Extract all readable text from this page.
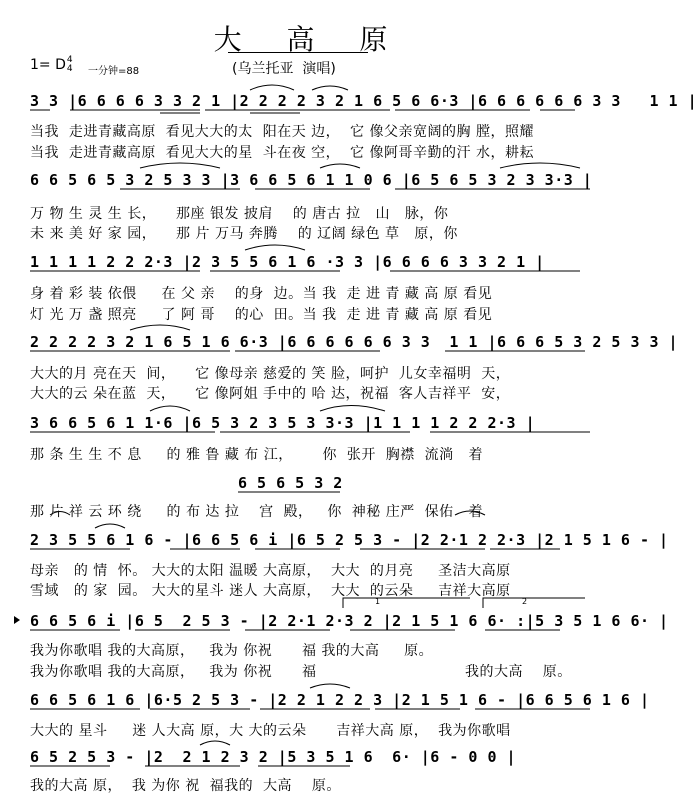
大 高 原
1= D4
4 一分钟=88	(乌兰托亚  演唱)
3 3 |6 6 6 6 3 3 2 1 |2 2 2 2 3 2 1 6 5 6 6·3 |6 6 6 6 6 6 3 3   1 1 |
当我  走进青藏高原  看见大大的太  阳在天 边，  它 像父亲宽阔的胸 膛，照耀
当我  走进青藏高原  看见大大的星  斗在夜 空，  它 像阿哥辛勤的汗 水，耕耘
6 6 5 6 5 3 2 5 3 3 |3 6 6 5 6 1 1 0 6 |6 5 6 5 3 2 3 3·3 |
万 物 生 灵 生 长，    那座 银发 披肩    的 唐古 拉   山   脉，你
未 来 美 好 家 园，    那 片 万马 奔腾    的 辽阔 绿色 草   原，你
1 1 1 1 2 2 2·3 |2 3 5 5 6 1 6 ·3 3 |6 6 6 6 3 3 2 1 |
身 着 彩 装 依偎     在 父 亲    的身  边。当 我  走 进 青 藏 高 原 看见
灯 光 万 盏 照亮     了 阿 哥    的心  田。当 我  走 进 青 藏 高 原 看见
2 2 2 2 3 2 1 6 5 1 6 6·3 |6 6 6 6 6 6 3 3  1 1 |6 6 6 5 3 2 5 3 3 |
大大的月 亮在天  间，    它 像母亲 慈爱的 笑 脸，呵护  儿女幸福明  天，
大大的云 朵在蓝  天，    它 像阿姐 手中的 哈 达，祝福  客人吉祥平  安，
3 6 6 5 6 1 1·6 |6 5 3 2 3 5 3 3·3 |1 1 1 1 2 2 2·3 |
那 条 生 生 不 息     的 雅 鲁 藏 布 江，      你  张开  胸襟  流淌   着
6 5 6 5 3 2
那 片 祥 云 环 绕     的 布 达 拉    宫  殿，   你  神秘 庄严  保佑   着
2 3 5 5 6 1 6 - |6 6 5 6 i |6 5 2 5 3 - |2 2·1 2 2·3 |2 1 5 1 6 - |
母亲   的 情  怀。 大大的太阳 温暖 大高原，  大大  的月亮     圣洁大高原
雪域   的 家  园。 大大的星斗 迷人 大高原，  大大  的云朵     吉祥大高原
6 6 5 6 i |6 5  2 5 3 - |2 2·1 2·3 2 |2 1 5 1 6 6· :|5 3 5 1 6 6· |
我为你歌唱 我的大高原，   我为 你祝      福 我的大高     原。
我为你歌唱 我的大高原，   我为 你祝      福                              我的大高    原。
6 6 5 6 1 6 |6·5 2 5 3 - |2 2 1 2 2 3 |2 1 5 1 6 - |6 6 5 6 1 6 |
大大的 星斗     迷 人大高 原，大 大的云朵      吉祥大高 原，  我为你歌唱
6 5 2 5 3 - |2  2 1 2 3 2 |5 3 5 1 6  6· |6 - 0 0 |
我的大高 原，  我 为你 祝  福我的  大高    原。
1	2
